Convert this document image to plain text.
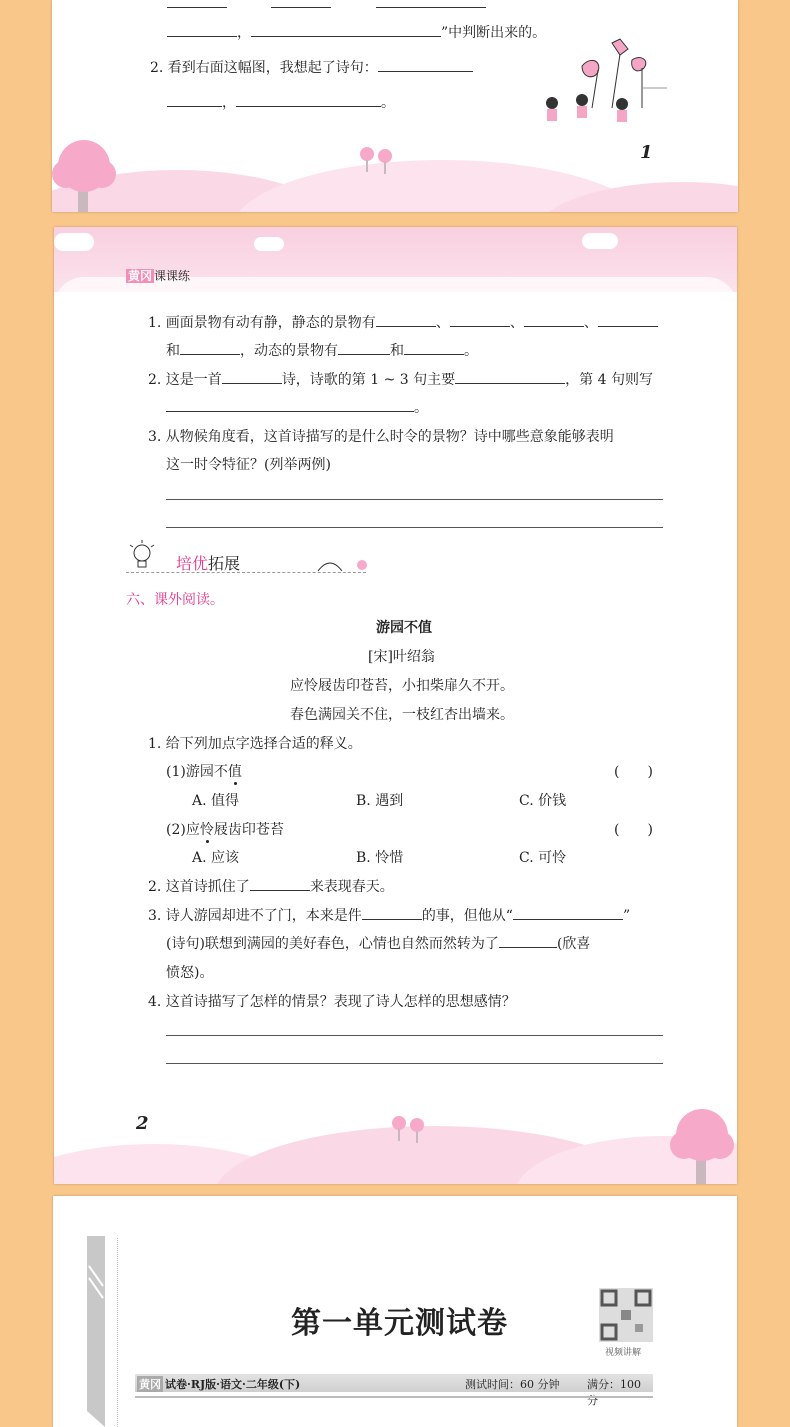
，	”中判断出来的。
2. 看到右面这幅图，我想起了诗句：
，	。
1
黄冈 课课练
1. 画面景物有动有静，静态的景物有	、	、	、
和	，动态的景物有	和	。
2. 这是一首	诗，诗歌的第 1 ~ 3 句主要	，第 4 句则写
。
3. 从物候角度看，这首诗描写的是什么时令的景物？诗中哪些意象能够表明
这一时令特征？(列举两例)
培优拓展
六、课外阅读。
游园不值
[宋]叶绍翁
应怜屐齿印苍苔，小扣柴扉久不开。
春色满园关不住，一枝红杏出墙来。
1. 给下列加点字选择合适的释义。
(1)游园不值	(　　)
A. 值得	B. 遇到	C. 价钱
(2)应怜屐齿印苍苔	(　　)
A. 应该	B. 怜惜	C. 可怜
2. 这首诗抓住了	来表现春天。
3. 诗人游园却进不了门，本来是件	的事，但他从“	”
(诗句)联想到满园的美好春色，心情也自然而然转为了	(欣喜
愤怒)。
4. 这首诗描写了怎样的情景？表现了诗人怎样的思想感情？
2
第一单元测试卷
视频讲解
黄冈 试卷·RJ版·语文·二年级(下)	测试时间：60 分钟	满分：100 分
